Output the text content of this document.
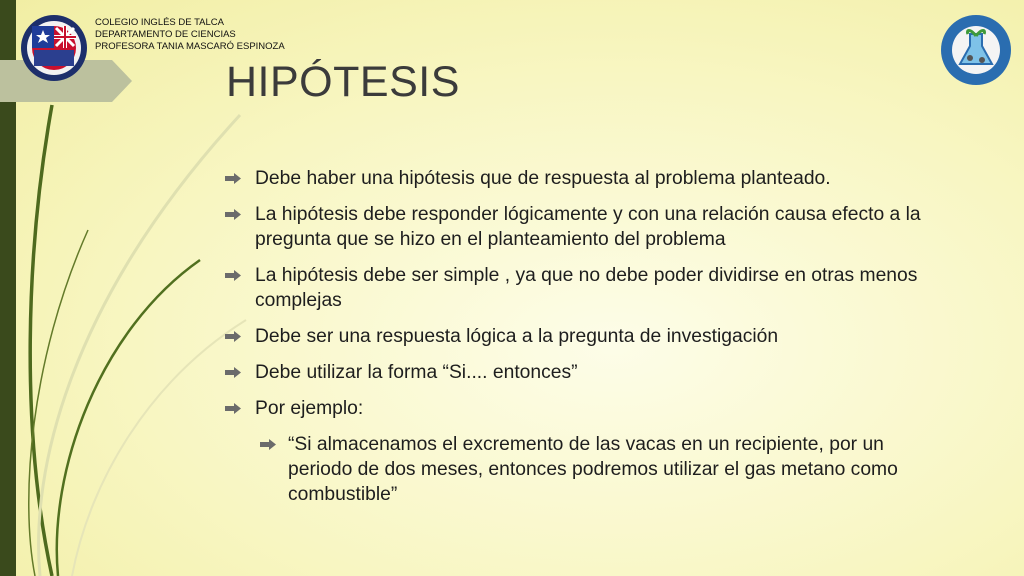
COLEGIO INGLÉS DE TALCA
DEPARTAMENTO DE CIENCIAS
PROFESORA TANIA MASCARÓ ESPINOZA
HIPÓTESIS
Debe haber una hipótesis que de respuesta al problema planteado.
La hipótesis debe responder lógicamente y con una relación causa efecto a la pregunta que se hizo en el planteamiento del problema
La hipótesis debe ser simple , ya que no debe poder dividirse en otras menos complejas
Debe ser una respuesta lógica a la pregunta de investigación
Debe utilizar la forma “Si.... entonces”
Por ejemplo:
“Si almacenamos el excremento de las vacas en un recipiente, por un periodo de dos meses, entonces podremos utilizar el gas metano como combustible”
